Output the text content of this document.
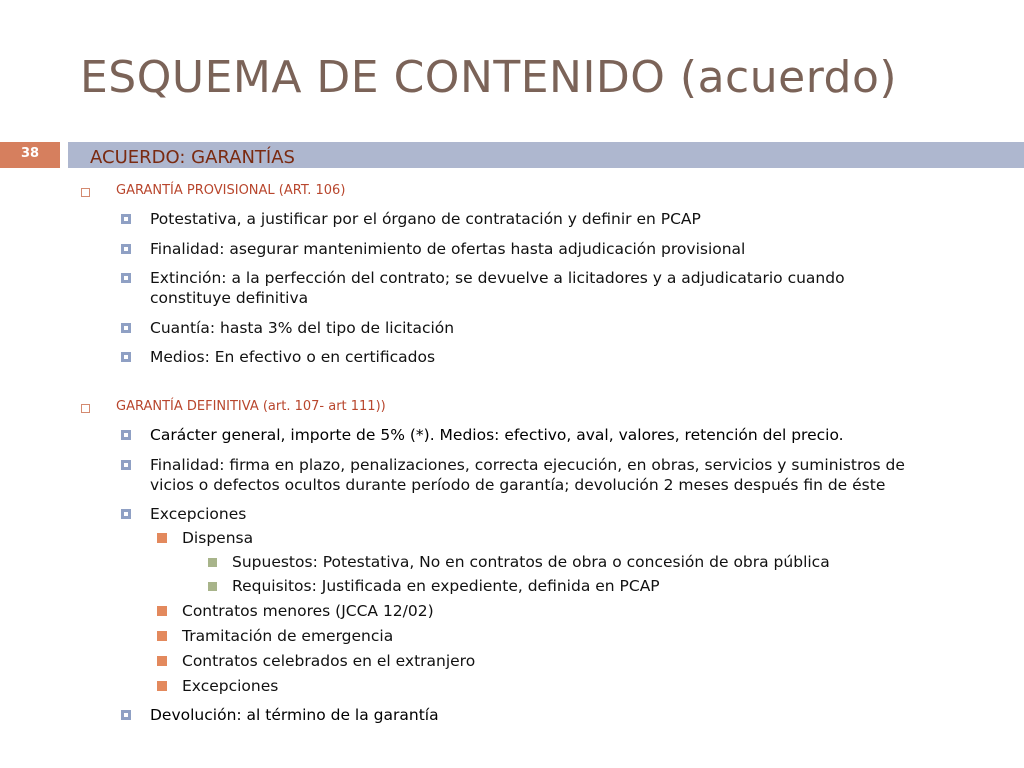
ESQUEMA DE CONTENIDO (acuerdo)
38	ACUERDO: GARANTÍAS
GARANTÍA PROVISIONAL (ART. 106)
Potestativa, a justificar por el órgano de contratación y definir en PCAP
Finalidad: asegurar mantenimiento de ofertas hasta adjudicación provisional
Extinción: a la perfección del contrato; se devuelve a licitadores y a adjudicatario cuando
constituye definitiva
Cuantía: hasta 3% del tipo de licitación
Medios: En efectivo o en certificados
GARANTÍA DEFINITIVA (art. 107- art 111))
Carácter general, importe de 5% (*). Medios: efectivo, aval, valores, retención del precio.
Finalidad: firma en plazo, penalizaciones, correcta ejecución, en obras, servicios y suministros de
vicios o defectos ocultos durante período de garantía; devolución 2 meses después fin de éste
Excepciones
Dispensa
Supuestos: Potestativa, No en contratos de obra o concesión de obra pública
Requisitos: Justificada en expediente, definida en PCAP
Contratos menores (JCCA 12/02)
Tramitación de emergencia
Contratos celebrados en el extranjero
Excepciones
Devolución: al término de la garantía
